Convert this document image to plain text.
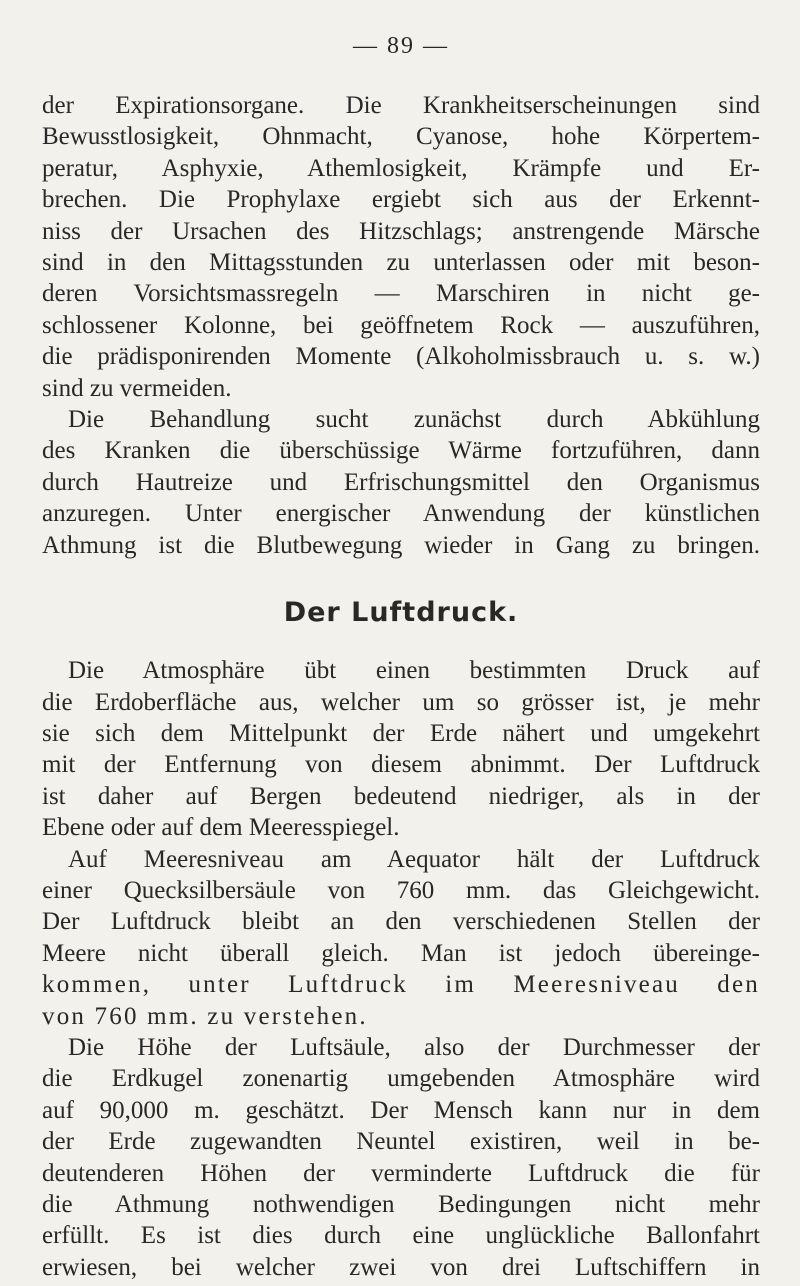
— 89 —

der Expirationsorgane. Die Krankheitserscheinungen sind
Bewusstlosigkeit, Ohnmacht, Cyanose, hohe Körpertem-
peratur, Asphyxie, Athemlosigkeit, Krämpfe und Er-
brechen. Die Prophylaxe ergiebt sich aus der Erkennt-
niss der Ursachen des Hitzschlags; anstrengende Märsche
sind in den Mittagsstunden zu unterlassen oder mit beson-
deren Vorsichtsmassregeln — Marschiren in nicht ge-
schlossener Kolonne, bei geöffnetem Rock — auszuführen,
die prädisponirenden Momente (Alkoholmissbrauch u. s. w.)
sind zu vermeiden.

Die Behandlung sucht zunächst durch Abkühlung
des Kranken die überschüssige Wärme fortzuführen, dann
durch Hautreize und Erfrischungsmittel den Organismus
anzuregen. Unter energischer Anwendung der künstlichen
Athmung ist die Blutbewegung wieder in Gang zu bringen.

Der Luftdruck.

Die Atmosphäre übt einen bestimmten Druck auf
die Erdoberfläche aus, welcher um so grösser ist, je mehr
sie sich dem Mittelpunkt der Erde nähert und umgekehrt
mit der Entfernung von diesem abnimmt. Der Luftdruck
ist daher auf Bergen bedeutend niedriger, als in der
Ebene oder auf dem Meeresspiegel.

Auf Meeresniveau am Aequator hält der Luftdruck
einer Quecksilbersäule von 760 mm. das Gleichgewicht.
Der Luftdruck bleibt an den verschiedenen Stellen der
Meere nicht überall gleich. Man ist jedoch übereinge-
kommen, unter Luftdruck im Meeresniveau den
von 760 mm. zu verstehen.

Die Höhe der Luftsäule, also der Durchmesser der
die Erdkugel zonenartig umgebenden Atmosphäre wird
auf 90,000 m. geschätzt. Der Mensch kann nur in dem
der Erde zugewandten Neuntel existiren, weil in be-
deutenderen Höhen der verminderte Luftdruck die für
die Athmung nothwendigen Bedingungen nicht mehr
erfüllt. Es ist dies durch eine unglückliche Ballonfahrt
erwiesen, bei welcher zwei von drei Luftschiffern in
